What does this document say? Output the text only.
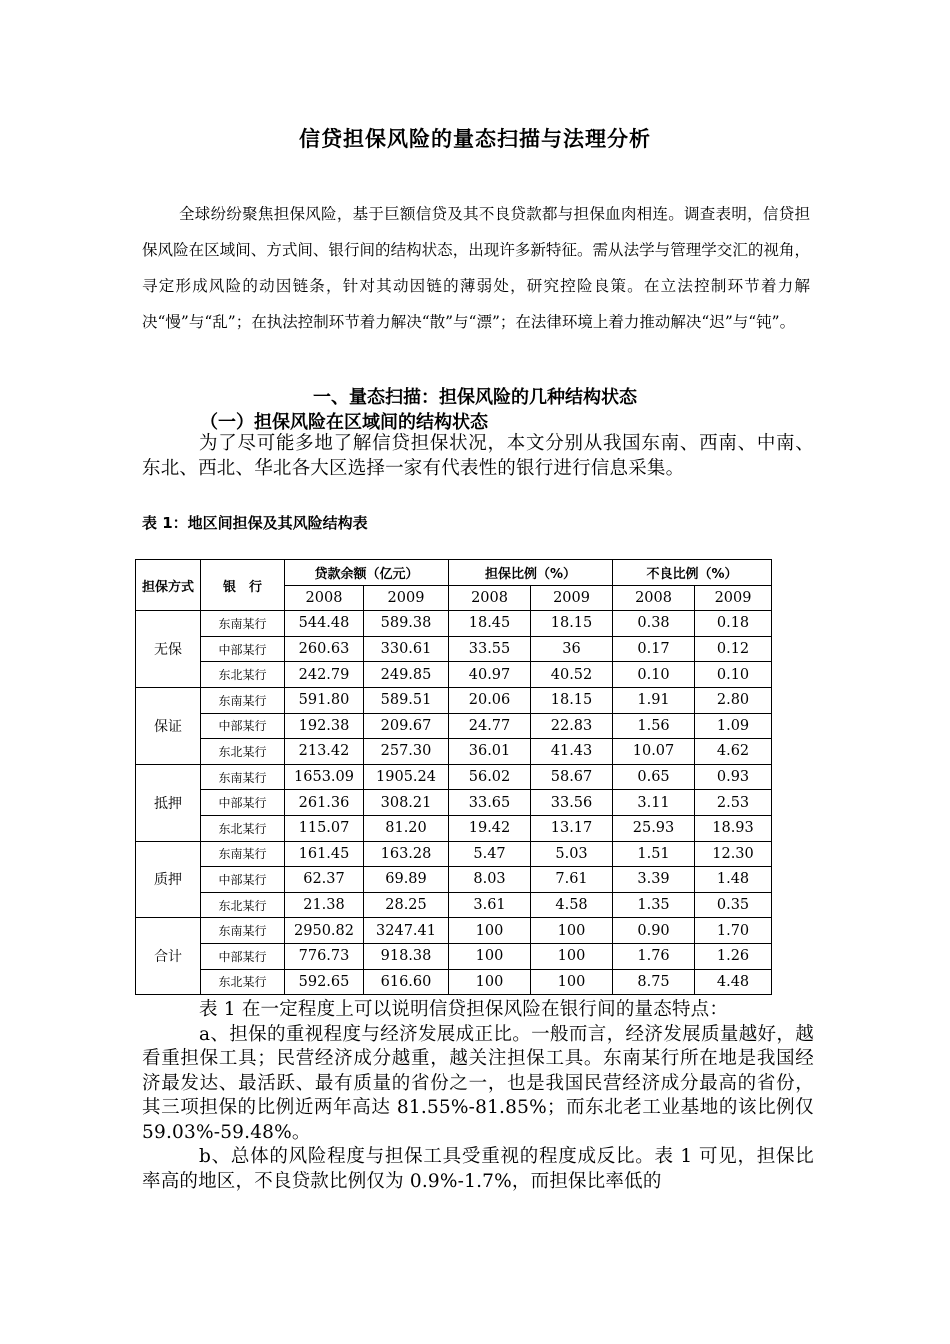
信贷担保风险的量态扫描与法理分析
全球纷纷聚焦担保风险，基于巨额信贷及其不良贷款都与担保血肉相连。调查表明，信贷担保风险在区域间、方式间、银行间的结构状态，出现许多新特征。需从法学与管理学交汇的视角，寻定形成风险的动因链条，针对其动因链的薄弱处，研究控险良策。在立法控制环节着力解决“慢”与“乱”；在执法控制环节着力解决“散”与“漂”；在法律环境上着力推动解决“迟”与“钝”。
一、量态扫描：担保风险的几种结构状态
（一）担保风险在区域间的结构状态
为了尽可能多地了解信贷担保状况，本文分别从我国东南、西南、中南、东北、西北、华北各大区选择一家有代表性的银行进行信息采集。
表 1：地区间担保及其风险结构表
担保方式	银　行	贷款余额（亿元）		担保比例（%）		不良比例（%）	
		2008	2009	2008	2009	2008	2009
无保	东南某行	544.48	589.38	18.45	18.15	0.38	0.18
	中部某行	260.63	330.61	33.55	36	0.17	0.12
	东北某行	242.79	249.85	40.97	40.52	0.10	0.10
保证	东南某行	591.80	589.51	20.06	18.15	1.91	2.80
	中部某行	192.38	209.67	24.77	22.83	1.56	1.09
	东北某行	213.42	257.30	36.01	41.43	10.07	4.62
抵押	东南某行	1653.09	1905.24	56.02	58.67	0.65	0.93
	中部某行	261.36	308.21	33.65	33.56	3.11	2.53
	东北某行	115.07	81.20	19.42	13.17	25.93	18.93
质押	东南某行	161.45	163.28	5.47	5.03	1.51	12.30
	中部某行	62.37	69.89	8.03	7.61	3.39	1.48
	东北某行	21.38	28.25	3.61	4.58	1.35	0.35
合计	东南某行	2950.82	3247.41	100	100	0.90	1.70
	中部某行	776.73	918.38	100	100	1.76	1.26
	东北某行	592.65	616.60	100	100	8.75	4.48
表 1 在一定程度上可以说明信贷担保风险在银行间的量态特点：
a、担保的重视程度与经济发展成正比。一般而言，经济发展质量越好，越看重担保工具；民营经济成分越重，越关注担保工具。东南某行所在地是我国经济最发达、最活跃、最有质量的省份之一，也是我国民营经济成分最高的省份，其三项担保的比例近两年高达 81.55%-81.85%；而东北老工业基地的该比例仅 59.03%-59.48%。
b、总体的风险程度与担保工具受重视的程度成反比。表 1 可见，担保比率高的地区，不良贷款比例仅为 0.9%-1.7%，而担保比率低的
